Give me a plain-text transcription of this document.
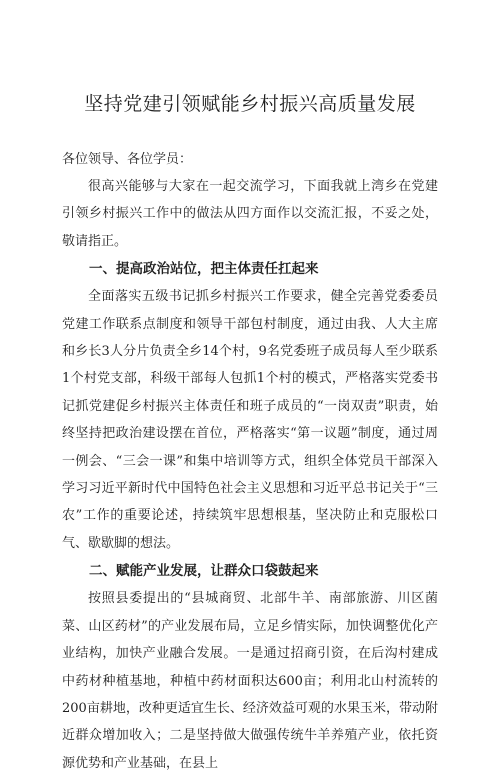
坚持党建引领赋能乡村振兴高质量发展

各位领导、各位学员：

很高兴能够与大家在一起交流学习，下面我就上湾乡在党建引领乡村振兴工作中的做法从四方面作以交流汇报，不妥之处，敬请指正。

一、提高政治站位，把主体责任扛起来

全面落实五级书记抓乡村振兴工作要求，健全完善党委委员党建工作联系点制度和领导干部包村制度，通过由我、人大主席和乡长3人分片负责全乡14个村，9名党委班子成员每人至少联系1个村党支部，科级干部每人包抓1个村的模式，严格落实党委书记抓党建促乡村振兴主体责任和班子成员的“一岗双责”职责，始终坚持把政治建设摆在首位，严格落实“第一议题”制度，通过周一例会、“三会一课”和集中培训等方式，组织全体党员干部深入学习习近平新时代中国特色社会主义思想和习近平总书记关于“三农”工作的重要论述，持续筑牢思想根基，坚决防止和克服松口气、歇歇脚的想法。

二、赋能产业发展，让群众口袋鼓起来

按照县委提出的“县城商贸、北部牛羊、南部旅游、川区菌菜、山区药材”的产业发展布局，立足乡情实际，加快调整优化产业结构，加快产业融合发展。一是通过招商引资，在后沟村建成中药材种植基地，种植中药材面积达600亩；利用北山村流转的200亩耕地，改种更适宜生长、经济效益可观的水果玉米，带动附近群众增加收入；二是坚持做大做强传统牛羊养殖产业，依托资源优势和产业基础，在县上
